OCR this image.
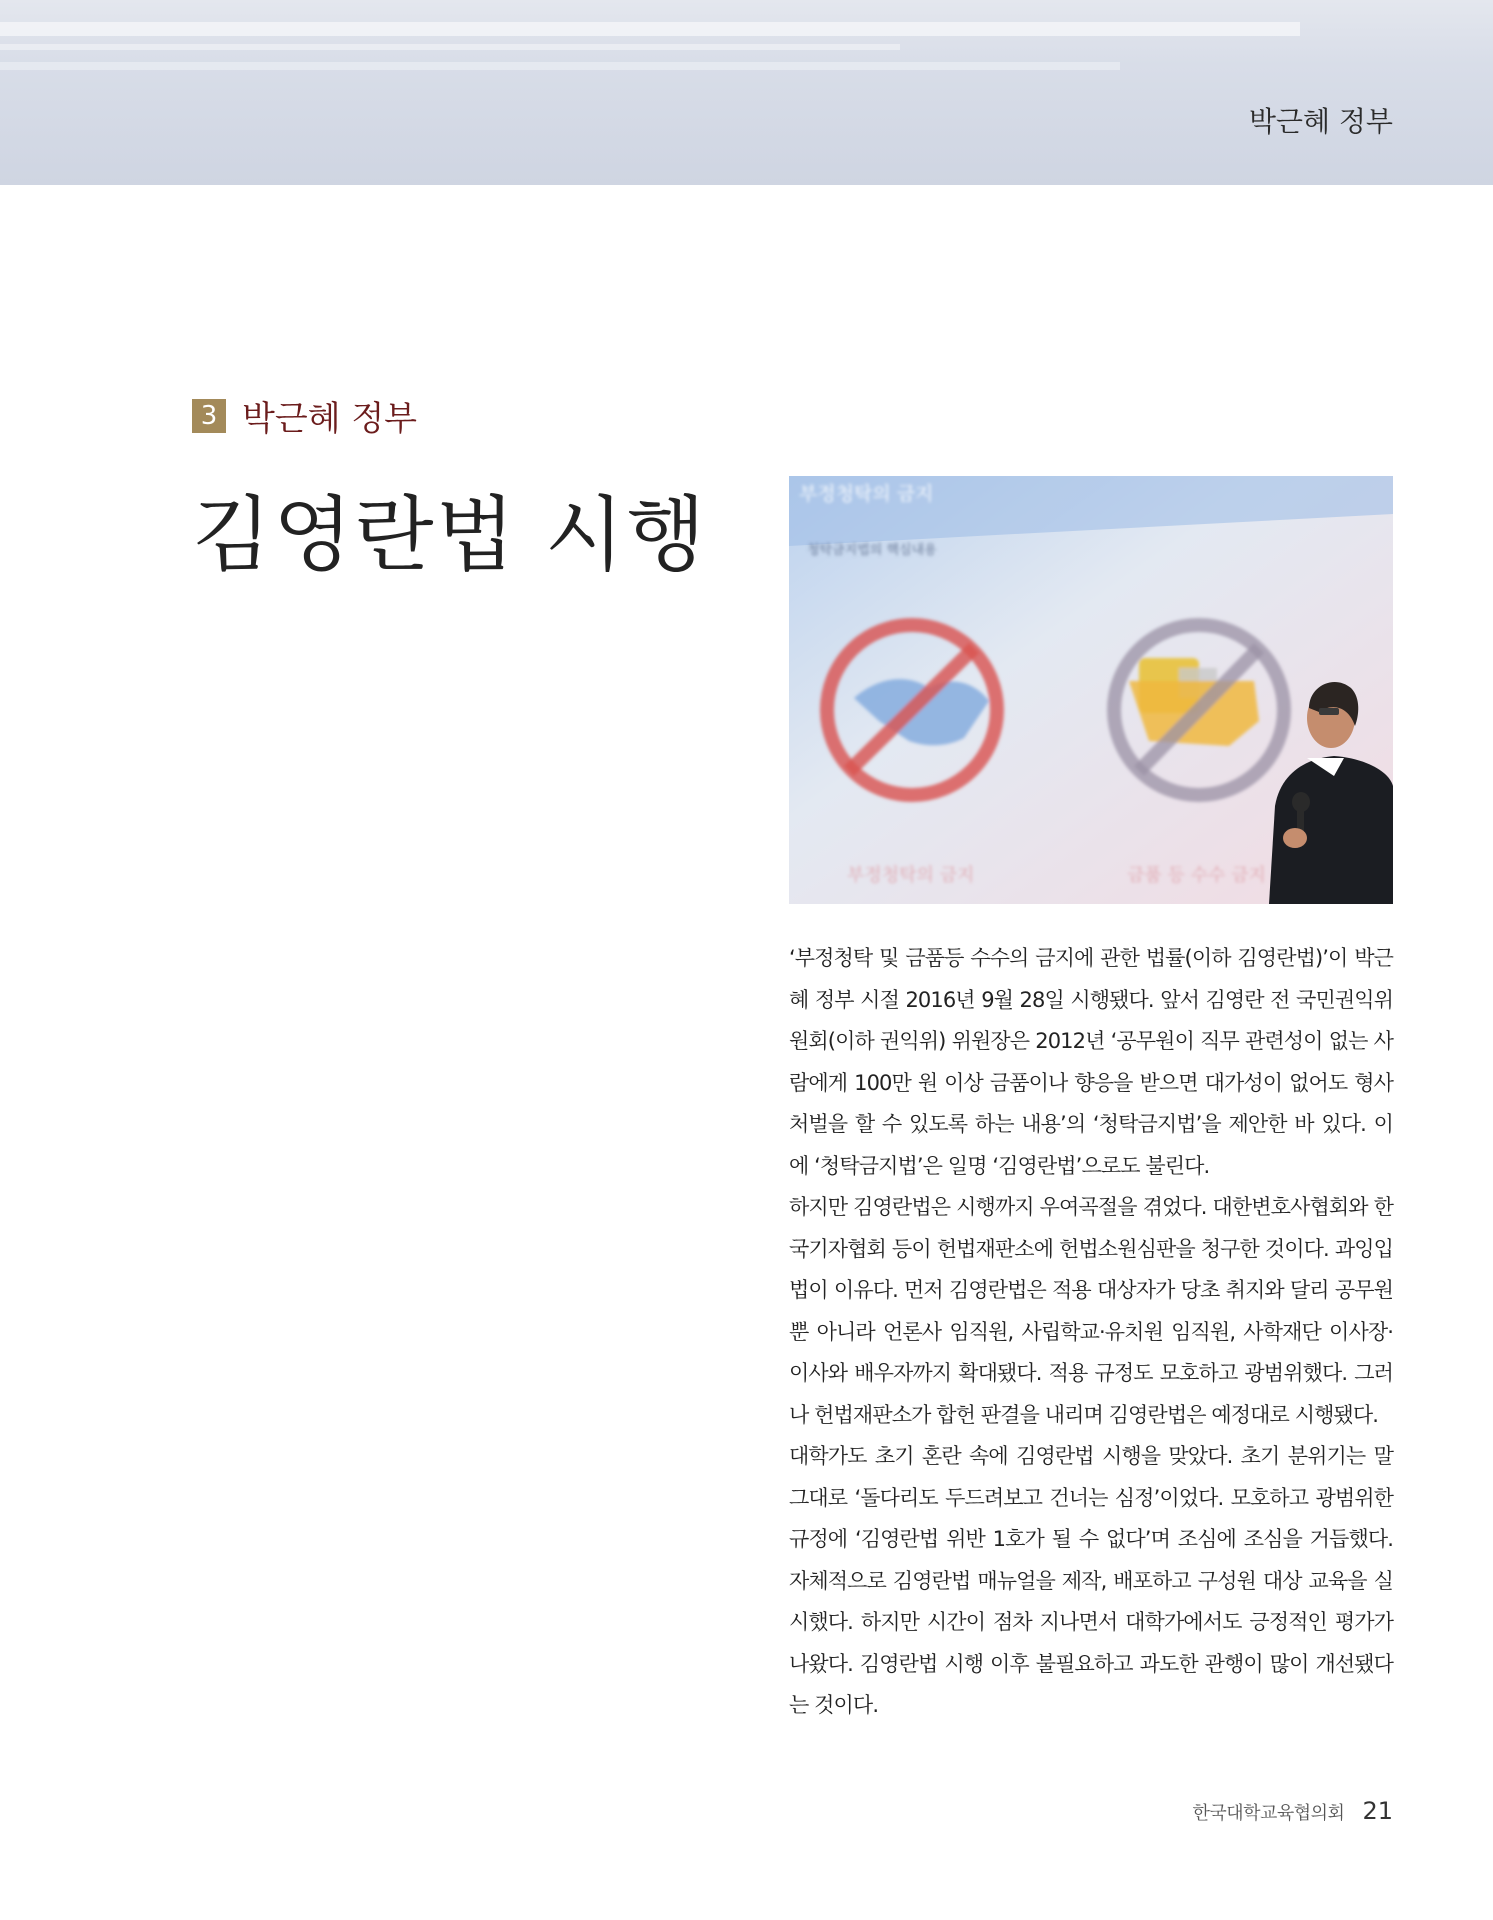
박근혜 정부
3 박근혜 정부
김영란법 시행	부정청탁의 금지
청탁금지법의 핵심내용
부정청탁의 금지	금품 등 수수 금지

‘부정청탁 및 금품등 수수의 금지에 관한 법률(이하 김영란법)’이 박근혜 정부 시절 2016년 9월 28일 시행됐다. 앞서 김영란 전 국민권익위원회(이하 권익위) 위원장은 2012년 ‘공무원이 직무 관련성이 없는 사람에게 100만 원 이상 금품이나 향응을 받으면 대가성이 없어도 형사처벌을 할 수 있도록 하는 내용’의 ‘청탁금지법’을 제안한 바 있다. 이에 ‘청탁금지법’은 일명 ‘김영란법’으로도 불린다.

하지만 김영란법은 시행까지 우여곡절을 겪었다. 대한변호사협회와 한국기자협회 등이 헌법재판소에 헌법소원심판을 청구한 것이다. 과잉입법이 이유다. 먼저 김영란법은 적용 대상자가 당초 취지와 달리 공무원뿐 아니라 언론사 임직원, 사립학교·유치원 임직원, 사학재단 이사장·이사와 배우자까지 확대됐다. 적용 규정도 모호하고 광범위했다. 그러나 헌법재판소가 합헌 판결을 내리며 김영란법은 예정대로 시행됐다.

대학가도 초기 혼란 속에 김영란법 시행을 맞았다. 초기 분위기는 말 그대로 ‘돌다리도 두드려보고 건너는 심정’이었다. 모호하고 광범위한 규정에 ‘김영란법 위반 1호가 될 수 없다’며 조심에 조심을 거듭했다. 자체적으로 김영란법 매뉴얼을 제작, 배포하고 구성원 대상 교육을 실시했다. 하지만 시간이 점차 지나면서 대학가에서도 긍정적인 평가가 나왔다. 김영란법 시행 이후 불필요하고 과도한 관행이 많이 개선됐다는 것이다.

한국대학교육협의회 21
